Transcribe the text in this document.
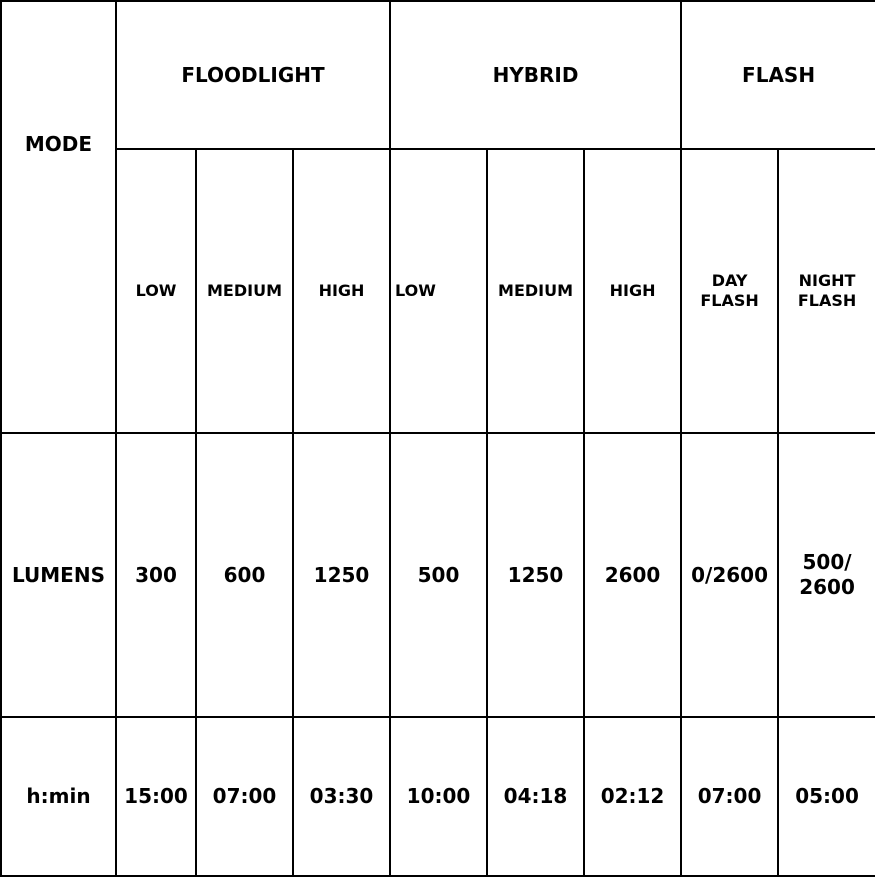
MODE	FLOODLIGHT			HYBRID			FLASH	
	LOW	MEDIUM	HIGH	LOW	MEDIUM	HIGH	DAY FLASH	NIGHT FLASH
LUMENS	300	600	1250	500	1250	2600	0/2600	500/ 2600
h:min	15:00	07:00	03:30	10:00	04:18	02:12	07:00	05:00
